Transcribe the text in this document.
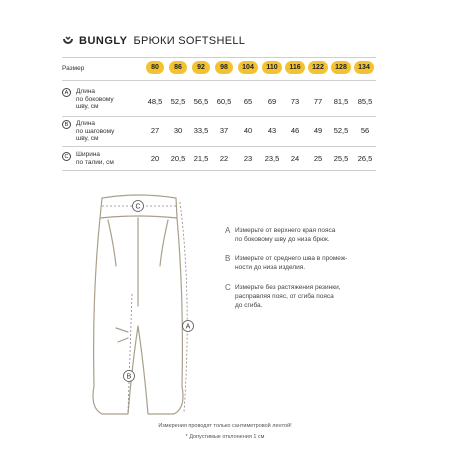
BUNGLY БРЮКИ SOFTSHELL
Размер	80	86	92	98	104	110	116	122	128	134
A	Длина
по боковому
шву, см
48,5	52,5	56,5	60,5	65	69	73	77	81,5	85,5
B	Длина
по шаговому
шву, см
27	30	33,5	37	40	43	46	49	52,5	56
C	Ширина
по талии, см	20	20,5	21,5	22	23	23,5	24	25	25,5	26,5
C
A
B
A Измерьте от верхнего края пояса
по боковому шву до низа брюк.
B Измерьте от среднего шва в промеж-
ности до низа изделия.
C Измерьте без растяжения резинки,
расправляя пояс, от сгиба пояса
до сгиба.
Измерения проводят только сантиметровой лентой!
* Допустимые отклонения 1 см
